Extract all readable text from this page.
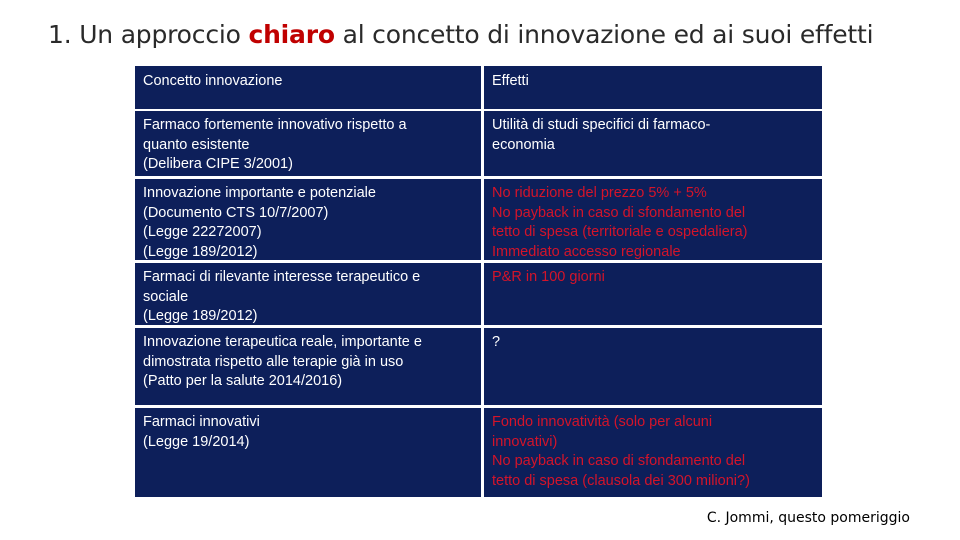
1. Un approccio chiaro al concetto di innovazione ed ai suoi effetti
Concetto innovazione	Effetti
Farmaco fortemente innovativo rispetto a
quanto esistente
(Delibera CIPE 3/2001)
Utilità di studi specifici di farmaco-
economia
Innovazione importante e potenziale
(Documento CTS 10/7/2007)
(Legge 22272007)
(Legge 189/2012)
No riduzione del prezzo 5% + 5%
No payback in caso di sfondamento del
tetto di spesa (territoriale e ospedaliera)
Immediato accesso regionale
Farmaci di rilevante interesse terapeutico e
sociale
(Legge 189/2012)
P&R in 100 giorni
Innovazione terapeutica reale, importante e
dimostrata rispetto alle terapie già in uso
(Patto per la salute 2014/2016)
?
Farmaci innovativi
(Legge 19/2014)
Fondo innovatività (solo per alcuni
innovativi)
No payback in caso di sfondamento del
tetto di spesa (clausola dei 300 milioni?)
C. Jommi, questo pomeriggio
